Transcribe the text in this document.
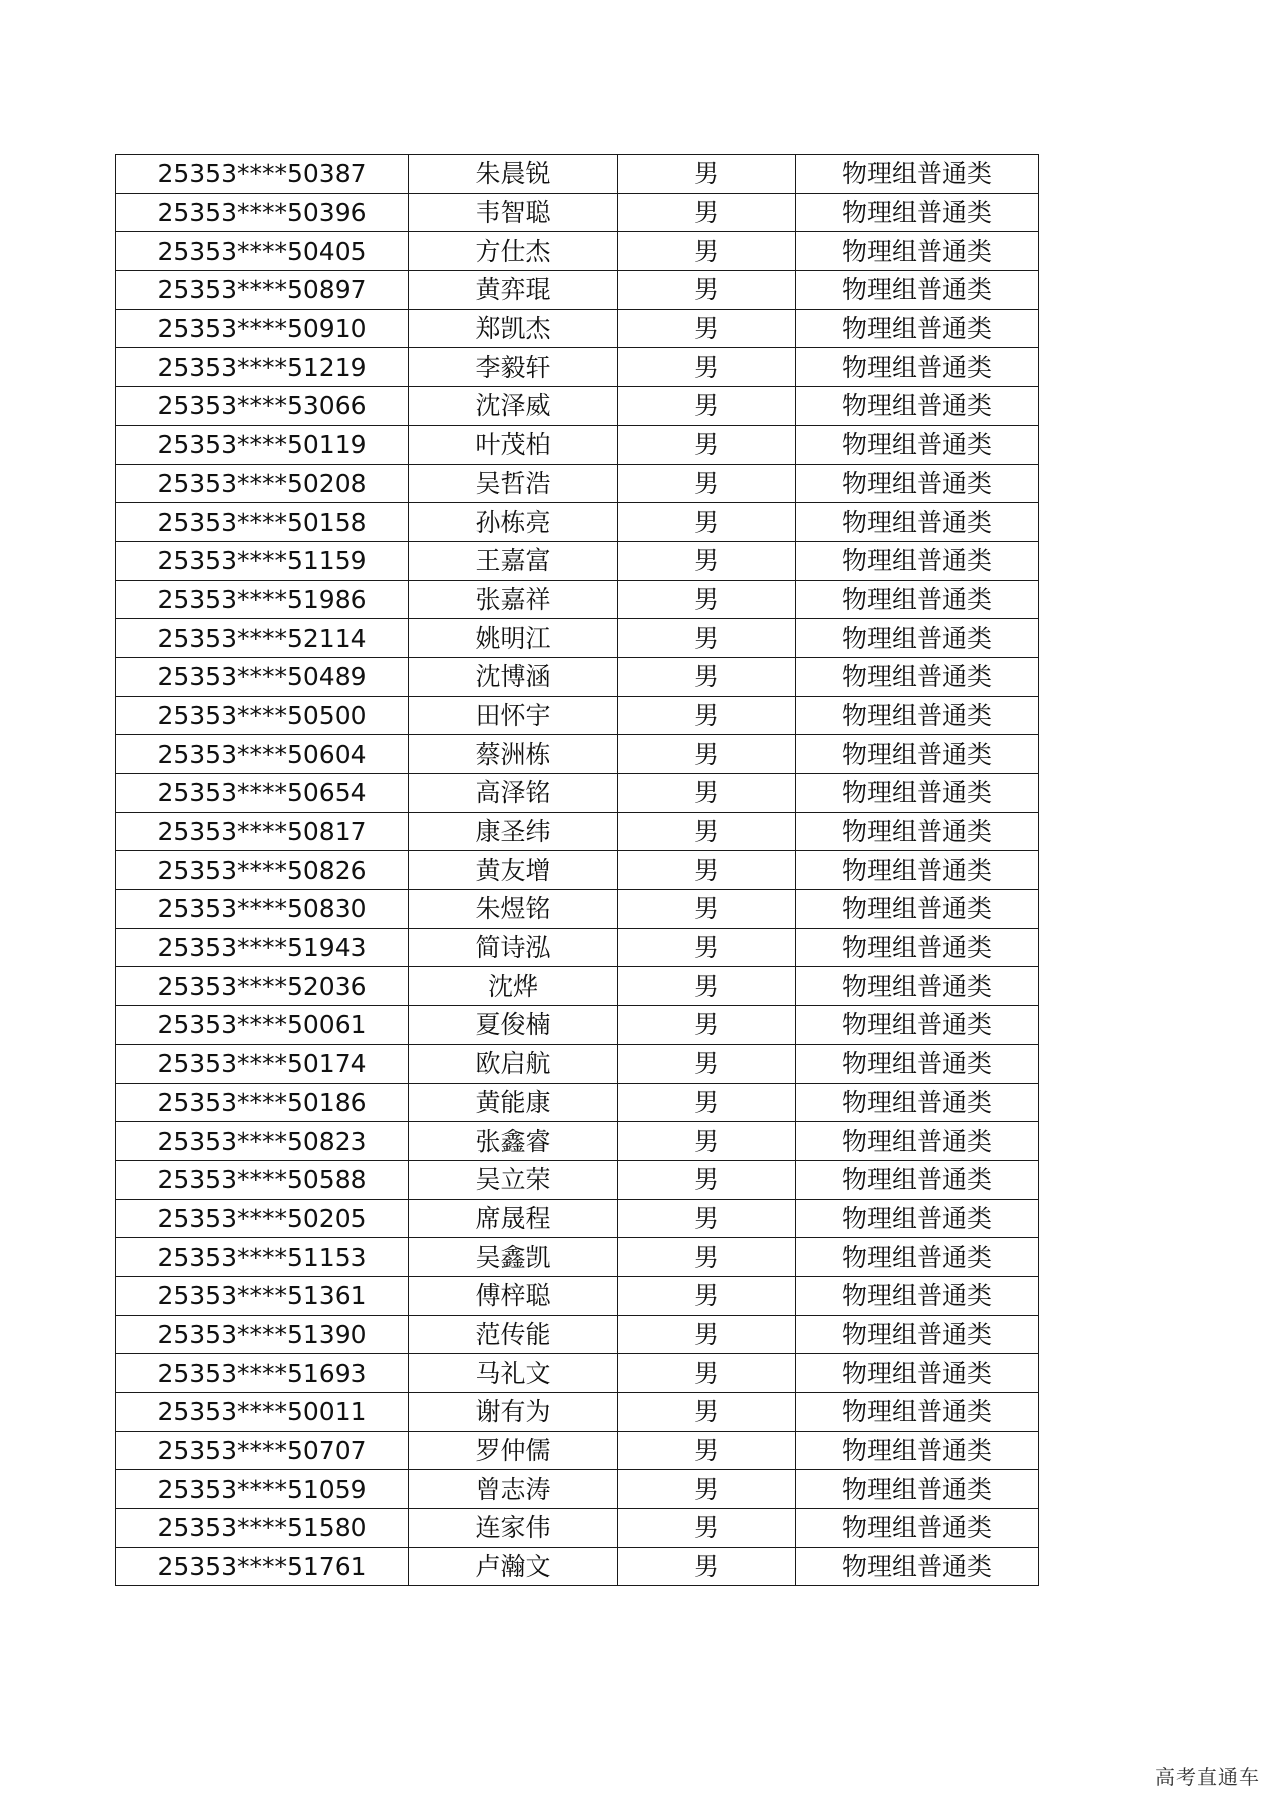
25353****50387	朱晨锐	男	物理组普通类
25353****50396	韦智聪	男	物理组普通类
25353****50405	方仕杰	男	物理组普通类
25353****50897	黄弈琨	男	物理组普通类
25353****50910	郑凯杰	男	物理组普通类
25353****51219	李毅轩	男	物理组普通类
25353****53066	沈泽威	男	物理组普通类
25353****50119	叶茂柏	男	物理组普通类
25353****50208	吴哲浩	男	物理组普通类
25353****50158	孙栋亮	男	物理组普通类
25353****51159	王嘉富	男	物理组普通类
25353****51986	张嘉祥	男	物理组普通类
25353****52114	姚明江	男	物理组普通类
25353****50489	沈博涵	男	物理组普通类
25353****50500	田怀宇	男	物理组普通类
25353****50604	蔡洲栋	男	物理组普通类
25353****50654	高泽铭	男	物理组普通类
25353****50817	康圣纬	男	物理组普通类
25353****50826	黄友增	男	物理组普通类
25353****50830	朱煜铭	男	物理组普通类
25353****51943	简诗泓	男	物理组普通类
25353****52036	沈烨	男	物理组普通类
25353****50061	夏俊楠	男	物理组普通类
25353****50174	欧启航	男	物理组普通类
25353****50186	黄能康	男	物理组普通类
25353****50823	张鑫睿	男	物理组普通类
25353****50588	吴立荣	男	物理组普通类
25353****50205	席晟程	男	物理组普通类
25353****51153	吴鑫凯	男	物理组普通类
25353****51361	傅梓聪	男	物理组普通类
25353****51390	范传能	男	物理组普通类
25353****51693	马礼文	男	物理组普通类
25353****50011	谢有为	男	物理组普通类
25353****50707	罗仲儒	男	物理组普通类
25353****51059	曾志涛	男	物理组普通类
25353****51580	连家伟	男	物理组普通类
25353****51761	卢瀚文	男	物理组普通类
高考直通车
